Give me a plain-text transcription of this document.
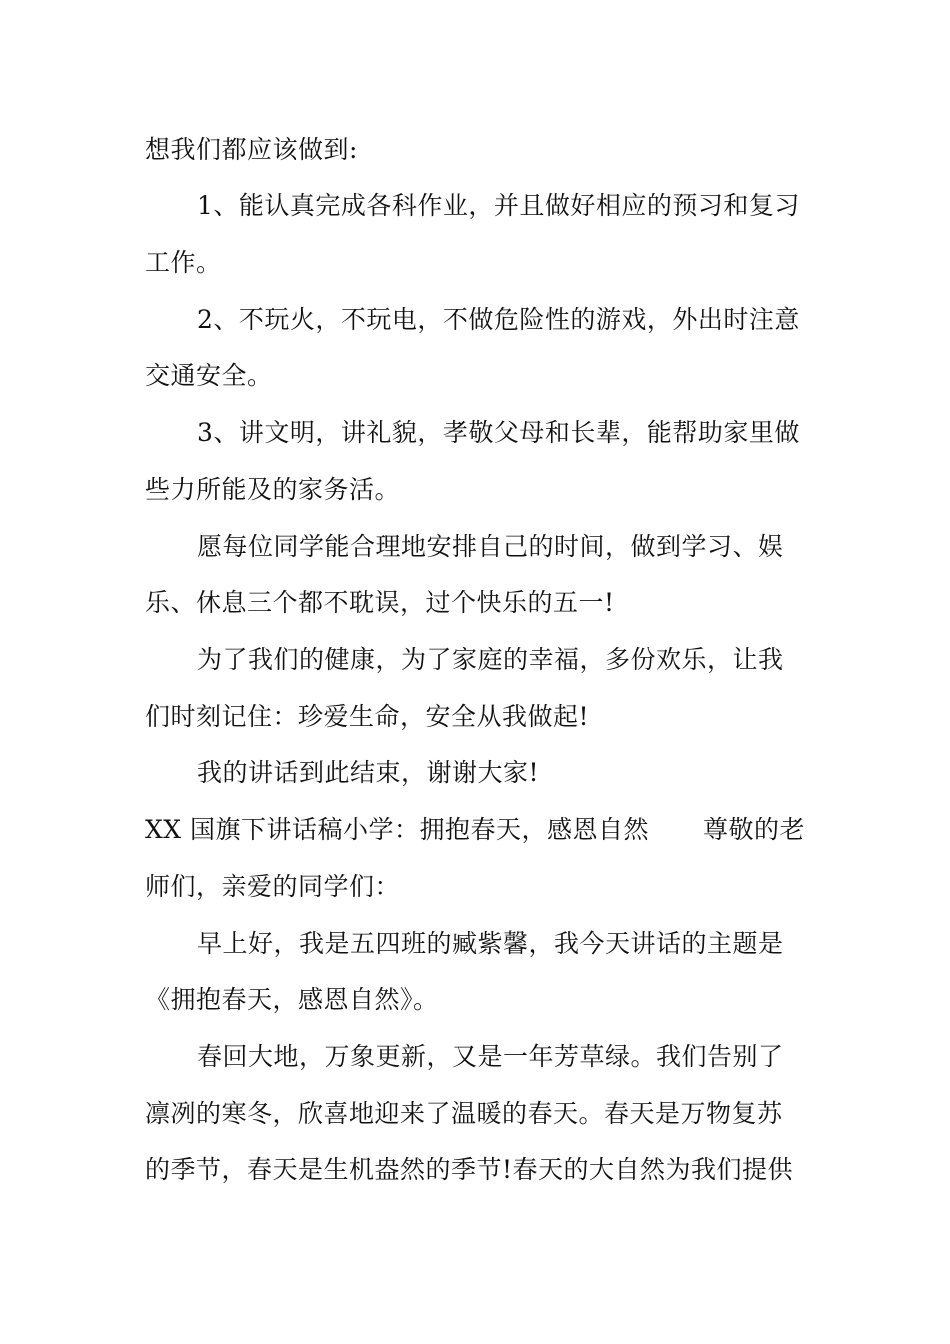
想我们都应该做到:
1、能认真完成各科作业，并且做好相应的预习和复习
工作。
2、不玩火，不玩电，不做危险性的游戏，外出时注意
交通安全。
3、讲文明，讲礼貌，孝敬父母和长辈，能帮助家里做
些力所能及的家务活。
愿每位同学能合理地安排自己的时间，做到学习、娱
乐、休息三个都不耽误，过个快乐的五一!
为了我们的健康，为了家庭的幸福，多份欢乐，让我
们时刻记住：珍爱生命，安全从我做起!
我的讲话到此结束，谢谢大家!
XX 国旗下讲话稿小学：拥抱春天，感恩自然 尊敬的老
师们，亲爱的同学们：
早上好，我是五四班的臧紫馨，我今天讲话的主题是
《拥抱春天，感恩自然》。
春回大地，万象更新，又是一年芳草绿。我们告别了
凛冽的寒冬，欣喜地迎来了温暖的春天。春天是万物复苏
的季节，春天是生机盎然的季节!春天的大自然为我们提供
